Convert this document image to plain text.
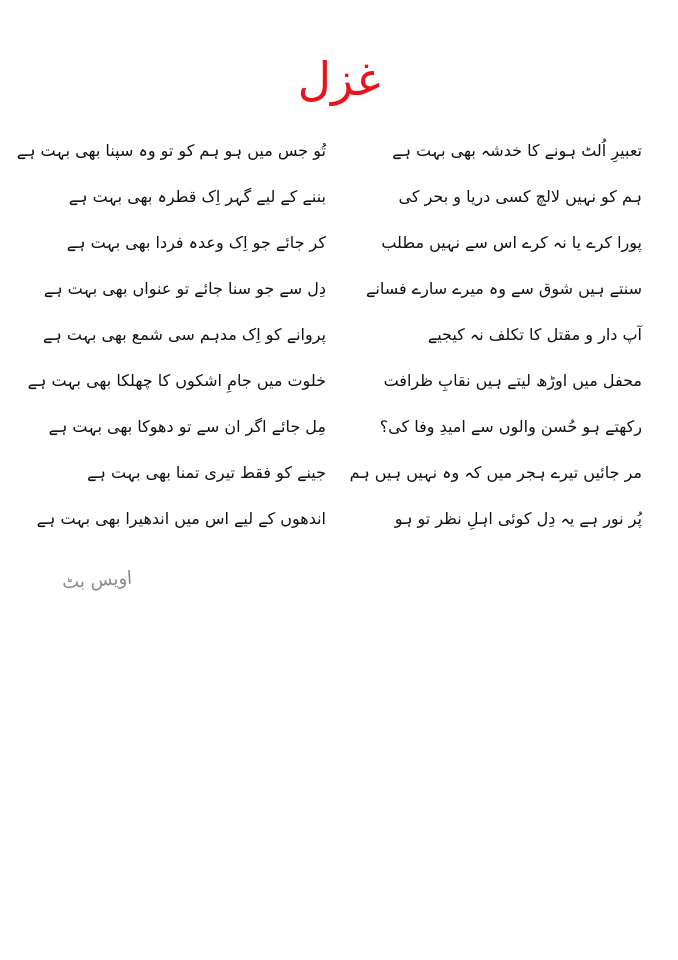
غزل
تعبیرِ اُلٹ ہونے کا خدشہ بھی بہت ہے
تُو جس میں ہو ہم کو تو وہ سپنا بھی بہت ہے
ہم کو نہیں لالچ کسی دریا و بحر کی
بننے کے لیے گہر اِک قطرہ بھی بہت ہے
پورا کرے یا نہ کرے اس سے نہیں مطلب
کر جائے جو اِک وعدہ فردا بھی بہت ہے
سنتے ہیں شوق سے وہ میرے سارے فسانے
دِل سے جو سنا جائے تو عنواں بھی بہت ہے
آپ دار و مقتل کا تکلف نہ کیجیے
پروانے کو اِک مدہم سی شمع بھی بہت ہے
محفل میں اوڑھ لیتے ہیں نقابِ ظرافت
خلوت میں جامِ اشکوں کا چھلکا بھی بہت ہے
رکھتے ہو حُسن والوں سے امیدِ وفا کی؟
مِل جائے اگر ان سے تو دھوکا بھی بہت ہے
مر جائیں تیرے ہجر میں کہ وہ نہیں ہیں ہم
جینے کو فقط تیری تمنا بھی بہت ہے
پُر نور ہے یہ دِل کوئی اہلِ نظر تو ہو
اندھوں کے لیے اس میں اندھیرا بھی بہت ہے
اویس بٹ
